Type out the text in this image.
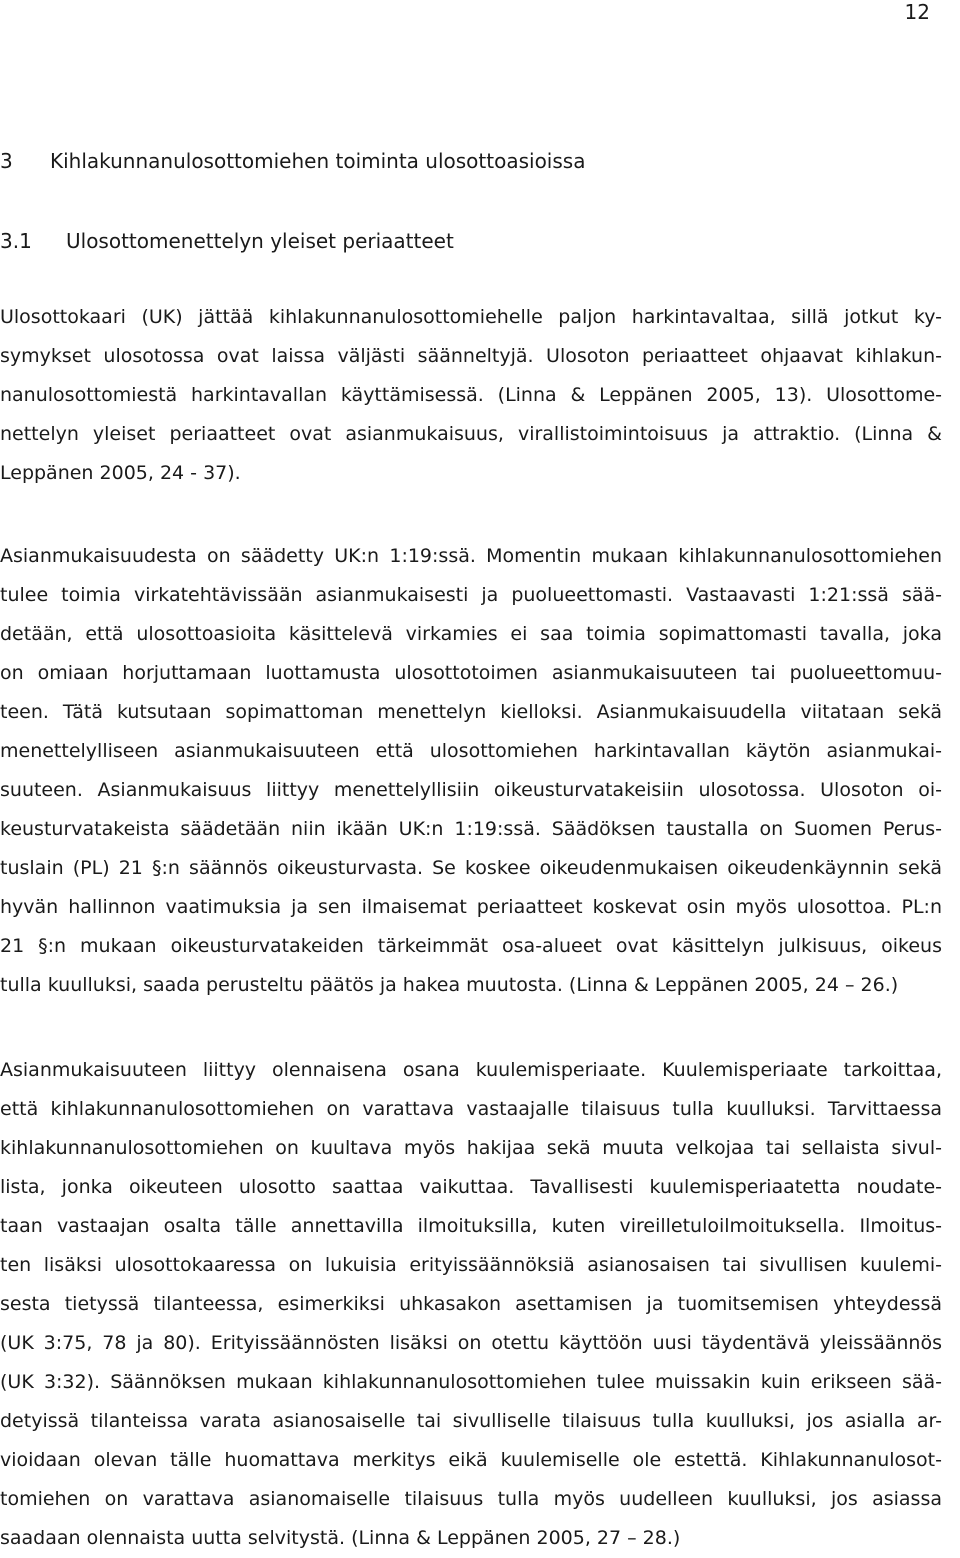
12
3 Kihlakunnanulosottomiehen toiminta ulosottoasioissa
3.1 Ulosottomenettelyn yleiset periaatteet
Ulosottokaari (UK) jättää kihlakunnanulosottomiehelle paljon harkintavaltaa, sillä jotkut ky-
symykset ulosotossa ovat laissa väljästi säänneltyjä. Ulosoton periaatteet ohjaavat kihlakun-
nanulosottomiestä harkintavallan käyttämisessä. (Linna & Leppänen 2005, 13). Ulosottome-
nettelyn yleiset periaatteet ovat asianmukaisuus, virallistoimintoisuus ja attraktio. (Linna &
Leppänen 2005, 24 - 37).
Asianmukaisuudesta on säädetty UK:n 1:19:ssä. Momentin mukaan kihlakunnanulosottomiehen
tulee toimia virkatehtävissään asianmukaisesti ja puolueettomasti. Vastaavasti 1:21:ssä sää-
detään, että ulosottoasioita käsittelevä virkamies ei saa toimia sopimattomasti tavalla, joka
on omiaan horjuttamaan luottamusta ulosottotoimen asianmukaisuuteen tai puolueettomuu-
teen. Tätä kutsutaan sopimattoman menettelyn kielloksi. Asianmukaisuudella viitataan sekä
menettelylliseen asianmukaisuuteen että ulosottomiehen harkintavallan käytön asianmukai-
suuteen. Asianmukaisuus liittyy menettelyllisiin oikeusturvatakeisiin ulosotossa. Ulosoton oi-
keusturvatakeista säädetään niin ikään UK:n 1:19:ssä. Säädöksen taustalla on Suomen Perus-
tuslain (PL) 21 §:n säännös oikeusturvasta. Se koskee oikeudenmukaisen oikeudenkäynnin sekä
hyvän hallinnon vaatimuksia ja sen ilmaisemat periaatteet koskevat osin myös ulosottoa. PL:n
21 §:n mukaan oikeusturvatakeiden tärkeimmät osa-alueet ovat käsittelyn julkisuus, oikeus
tulla kuulluksi, saada perusteltu päätös ja hakea muutosta. (Linna & Leppänen 2005, 24 – 26.)
Asianmukaisuuteen liittyy olennaisena osana kuulemisperiaate. Kuulemisperiaate tarkoittaa,
että kihlakunnanulosottomiehen on varattava vastaajalle tilaisuus tulla kuulluksi. Tarvittaessa
kihlakunnanulosottomiehen on kuultava myös hakijaa sekä muuta velkojaa tai sellaista sivul-
lista, jonka oikeuteen ulosotto saattaa vaikuttaa. Tavallisesti kuulemisperiaatetta noudate-
taan vastaajan osalta tälle annettavilla ilmoituksilla, kuten vireilletuloilmoituksella. Ilmoitus-
ten lisäksi ulosottokaaressa on lukuisia erityissäännöksiä asianosaisen tai sivullisen kuulemi-
sesta tietyssä tilanteessa, esimerkiksi uhkasakon asettamisen ja tuomitsemisen yhteydessä
(UK 3:75, 78 ja 80). Erityissäännösten lisäksi on otettu käyttöön uusi täydentävä yleissäännös
(UK 3:32). Säännöksen mukaan kihlakunnanulosottomiehen tulee muissakin kuin erikseen sää-
detyissä tilanteissa varata asianosaiselle tai sivulliselle tilaisuus tulla kuulluksi, jos asialla ar-
vioidaan olevan tälle huomattava merkitys eikä kuulemiselle ole estettä. Kihlakunnanulosot-
tomiehen on varattava asianomaiselle tilaisuus tulla myös uudelleen kuulluksi, jos asiassa
saadaan olennaista uutta selvitystä. (Linna & Leppänen 2005, 27 – 28.)
